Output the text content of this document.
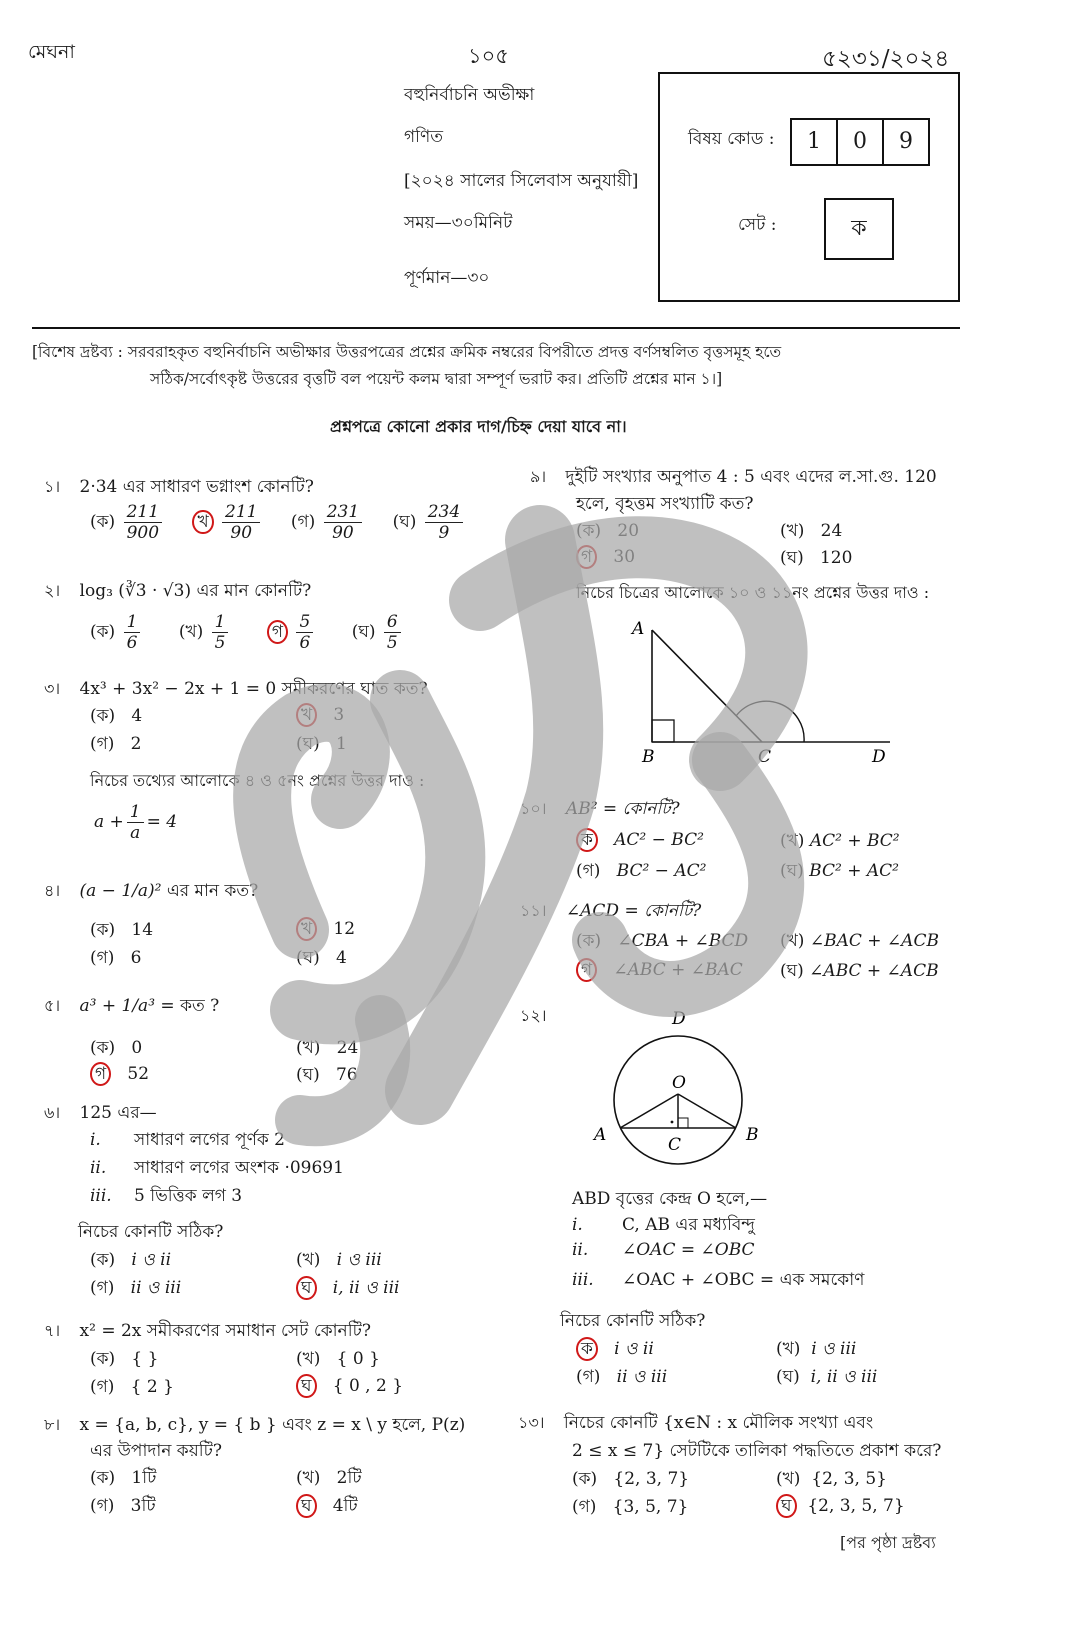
মেঘনা	১০৫	৫২৩১/২০২৪
বহুনির্বাচনি অভীক্ষা
গণিত
[২০২৪ সালের সিলেবাস অনুযায়ী]
সময়—৩০মিনিট
পূর্ণমান—৩০
বিষয় কোড :	1 0 9
সেট :	ক
[বিশেষ দ্রষ্টব্য : সরবরাহকৃত বহুনির্বাচনি অভীক্ষার উত্তরপত্রের প্রশ্নের ক্রমিক নম্বরের বিপরীতে প্রদত্ত বর্ণসম্বলিত বৃত্তসমূহ হতে
সঠিক/সর্বোৎকৃষ্ট উত্তরের বৃত্তটি বল পয়েন্ট কলম দ্বারা সম্পূর্ণ ভরাট কর। প্রতিটি প্রশ্নের মান ১।]
প্রশ্নপত্রে কোনো প্রকার দাগ/চিহ্ন দেয়া যাবে না।
১। 2·34 এর সাধারণ ভগ্নাংশ কোনটি?
(ক) $\frac{211}{900}$ খ $\frac{211}{90}$ (গ) $\frac{231}{90}$ (ঘ) $\frac{234}{9}$
২। log₃ (∛3 · √3) এর মান কোনটি?
(ক) $\frac{1}{6}$ (খ) $\frac{1}{5}$	গ $\frac{5}{6}$ (ঘ) $\frac{6}{5}$
৩। 4x³ + 3x² − 2x + 1 = 0 সমীকরণের ঘাত কত?
(ক) 4	খ 3
(গ) 2	(ঘ) 1
নিচের তথ্যের আলোকে ৪ ও ৫নং প্রশ্নের উত্তর দাও :
$a + \frac{1}{a} = 4$
৪। (a − 1/a)² এর মান কত?
(ক) 14	খ 12
(গ) 6	(ঘ) 4
৫। a³ + 1/a³ = কত ?
(ক) 0	(খ) 24
গ 52	(ঘ) 76
৬। 125 এর—
i. সাধারণ লগের পূর্ণক 2
ii. সাধারণ লগের অংশক ·09691
iii. 5 ভিত্তিক লগ 3
নিচের কোনটি সঠিক?
(ক) i ও ii	(খ) i ও iii
(গ) ii ও iii	ঘ i, ii ও iii
৭। x² = 2x সমীকরণের সমাধান সেট কোনটি?
(ক) { }	(খ) { 0 }
(গ) { 2 }	ঘ { 0 , 2 }
৮। x = {a, b, c}, y = { b } এবং z = x \ y হলে, P(z)
এর উপাদান কয়টি?
(ক) 1টি	(খ) 2টি
(গ) 3টি	ঘ 4টি
৯। দুইটি সংখ্যার অনুপাত 4 : 5 এবং এদের ল.সা.গু. 120
হলে, বৃহত্তম সংখ্যাটি কত?
(ক) 20	(খ) 24
গ 30	(ঘ) 120
নিচের চিত্রের আলোকে ১০ ও ১১নং প্রশ্নের উত্তর দাও :
A
B	C	D
১০। AB² = কোনটি?
ক AC² − BC²	(খ) AC² + BC²
(গ) BC² − AC²	(ঘ) BC² + AC²
১১। ∠ACD = কোনটি?
(ক) ∠CBA + ∠BCD (খ) ∠BAC + ∠ACB
গ ∠ABC + ∠BAC (ঘ) ∠ABC + ∠ACB
১২।	D
O
A	B
C
ABD বৃত্তের কেন্দ্র O হলে,—
i. C, AB এর মধ্যবিন্দু
ii. ∠OAC = ∠OBC
iii. ∠OAC + ∠OBC = এক সমকোণ
নিচের কোনটি সঠিক?
ক i ও ii	(খ) i ও iii
(গ) ii ও iii	(ঘ) i, ii ও iii
১৩। নিচের কোনটি {x∈N : x মৌলিক সংখ্যা এবং
2 ≤ x ≤ 7} সেটটিকে তালিকা পদ্ধতিতে প্রকাশ করে?
(ক) {2, 3, 7}	(খ) {2, 3, 5}
(গ) {3, 5, 7}	ঘ {2, 3, 5, 7}
[পর পৃষ্ঠা দ্রষ্টব্য
